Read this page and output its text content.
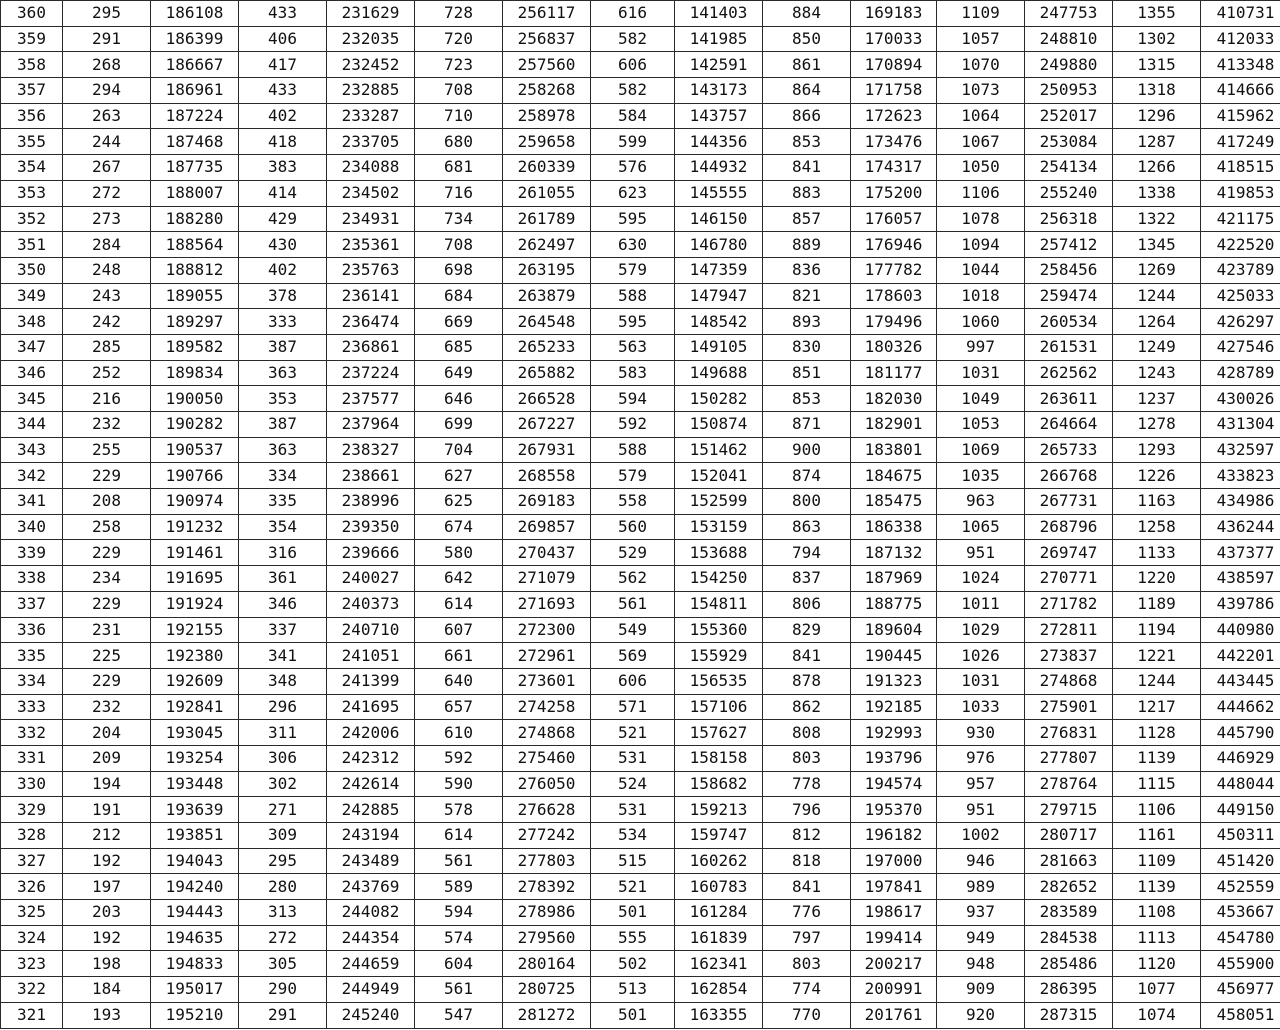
360	295	186108	433	231629	728	256117	616	141403	884	169183	1109	247753	1355	410731
359	291	186399	406	232035	720	256837	582	141985	850	170033	1057	248810	1302	412033
358	268	186667	417	232452	723	257560	606	142591	861	170894	1070	249880	1315	413348
357	294	186961	433	232885	708	258268	582	143173	864	171758	1073	250953	1318	414666
356	263	187224	402	233287	710	258978	584	143757	866	172623	1064	252017	1296	415962
355	244	187468	418	233705	680	259658	599	144356	853	173476	1067	253084	1287	417249
354	267	187735	383	234088	681	260339	576	144932	841	174317	1050	254134	1266	418515
353	272	188007	414	234502	716	261055	623	145555	883	175200	1106	255240	1338	419853
352	273	188280	429	234931	734	261789	595	146150	857	176057	1078	256318	1322	421175
351	284	188564	430	235361	708	262497	630	146780	889	176946	1094	257412	1345	422520
350	248	188812	402	235763	698	263195	579	147359	836	177782	1044	258456	1269	423789
349	243	189055	378	236141	684	263879	588	147947	821	178603	1018	259474	1244	425033
348	242	189297	333	236474	669	264548	595	148542	893	179496	1060	260534	1264	426297
347	285	189582	387	236861	685	265233	563	149105	830	180326	997	261531	1249	427546
346	252	189834	363	237224	649	265882	583	149688	851	181177	1031	262562	1243	428789
345	216	190050	353	237577	646	266528	594	150282	853	182030	1049	263611	1237	430026
344	232	190282	387	237964	699	267227	592	150874	871	182901	1053	264664	1278	431304
343	255	190537	363	238327	704	267931	588	151462	900	183801	1069	265733	1293	432597
342	229	190766	334	238661	627	268558	579	152041	874	184675	1035	266768	1226	433823
341	208	190974	335	238996	625	269183	558	152599	800	185475	963	267731	1163	434986
340	258	191232	354	239350	674	269857	560	153159	863	186338	1065	268796	1258	436244
339	229	191461	316	239666	580	270437	529	153688	794	187132	951	269747	1133	437377
338	234	191695	361	240027	642	271079	562	154250	837	187969	1024	270771	1220	438597
337	229	191924	346	240373	614	271693	561	154811	806	188775	1011	271782	1189	439786
336	231	192155	337	240710	607	272300	549	155360	829	189604	1029	272811	1194	440980
335	225	192380	341	241051	661	272961	569	155929	841	190445	1026	273837	1221	442201
334	229	192609	348	241399	640	273601	606	156535	878	191323	1031	274868	1244	443445
333	232	192841	296	241695	657	274258	571	157106	862	192185	1033	275901	1217	444662
332	204	193045	311	242006	610	274868	521	157627	808	192993	930	276831	1128	445790
331	209	193254	306	242312	592	275460	531	158158	803	193796	976	277807	1139	446929
330	194	193448	302	242614	590	276050	524	158682	778	194574	957	278764	1115	448044
329	191	193639	271	242885	578	276628	531	159213	796	195370	951	279715	1106	449150
328	212	193851	309	243194	614	277242	534	159747	812	196182	1002	280717	1161	450311
327	192	194043	295	243489	561	277803	515	160262	818	197000	946	281663	1109	451420
326	197	194240	280	243769	589	278392	521	160783	841	197841	989	282652	1139	452559
325	203	194443	313	244082	594	278986	501	161284	776	198617	937	283589	1108	453667
324	192	194635	272	244354	574	279560	555	161839	797	199414	949	284538	1113	454780
323	198	194833	305	244659	604	280164	502	162341	803	200217	948	285486	1120	455900
322	184	195017	290	244949	561	280725	513	162854	774	200991	909	286395	1077	456977
321	193	195210	291	245240	547	281272	501	163355	770	201761	920	287315	1074	458051
